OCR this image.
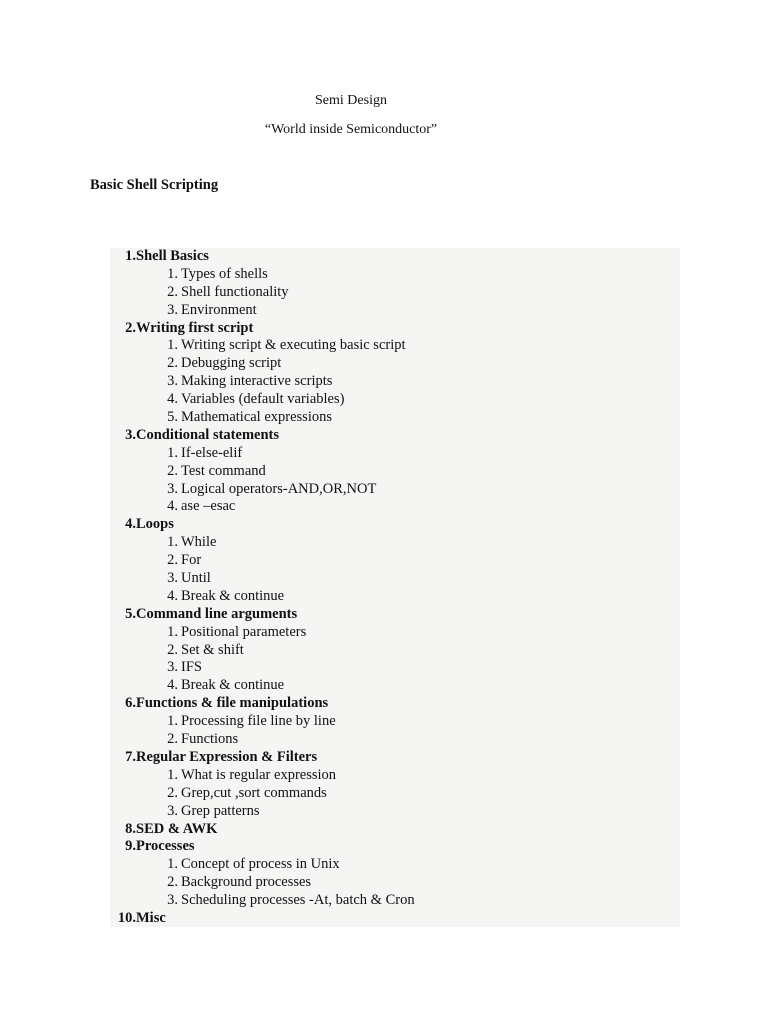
Semi Design
“World inside Semiconductor”
Basic Shell Scripting
1. Shell Basics
1. Types of shells
2. Shell functionality
3. Environment
2. Writing first script
1. Writing script & executing basic script
2. Debugging script
3. Making interactive scripts
4. Variables (default variables)
5. Mathematical expressions
3. Conditional statements
1. If-else-elif
2. Test command
3. Logical operators-AND,OR,NOT
4. ase –esac
4. Loops
1. While
2. For
3. Until
4. Break & continue
5. Command line arguments
1. Positional parameters
2. Set & shift
3. IFS
4. Break & continue
6. Functions & file manipulations
1. Processing file line by line
2. Functions
7. Regular Expression & Filters
1. What is regular expression
2. Grep,cut ,sort commands
3. Grep patterns
8. SED & AWK
9. Processes
1. Concept of process in Unix
2. Background processes
3. Scheduling processes -At, batch & Cron
10. Misc
